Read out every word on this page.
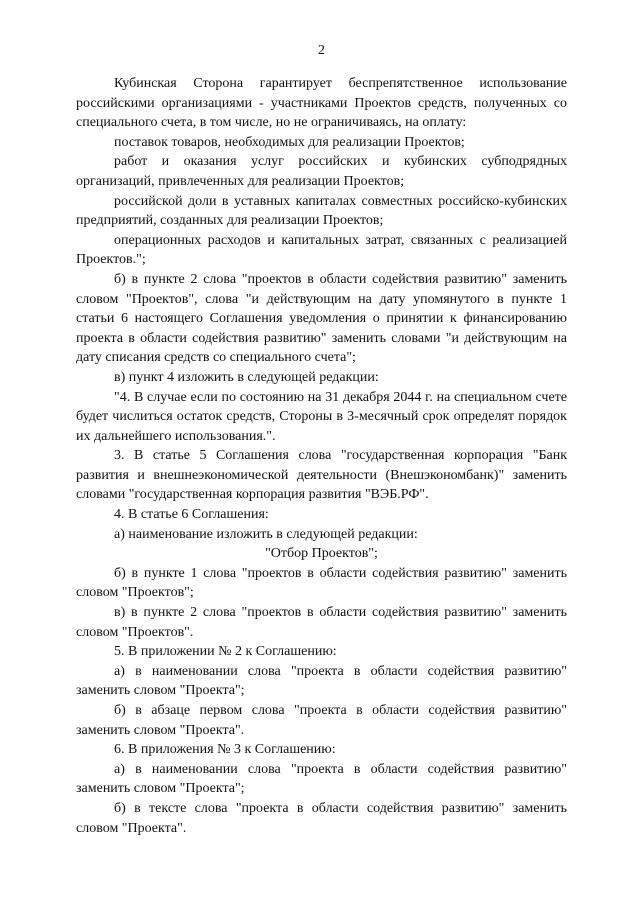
2

Кубинская Сторона гарантирует беспрепятственное использование российскими организациями - участниками Проектов средств, полученных со специального счета, в том числе, но не ограничиваясь, на оплату:

поставок товаров, необходимых для реализации Проектов;

работ и оказания услуг российских и кубинских субподрядных организаций, привлеченных для реализации Проектов;

российской доли в уставных капиталах совместных российско-кубинских предприятий, созданных для реализации Проектов;

операционных расходов и капитальных затрат, связанных с реализацией Проектов.";

б) в пункте 2 слова "проектов в области содействия развитию" заменить словом "Проектов", слова "и действующим на дату упомянутого в пункте 1 статьи 6 настоящего Соглашения уведомления о принятии к финансированию проекта в области содействия развитию" заменить словами "и действующим на дату списания средств со специального счета";

в) пункт 4 изложить в следующей редакции:

"4. В случае если по состоянию на 31 декабря 2044 г. на специальном счете будет числиться остаток средств, Стороны в 3-месячный срок определят порядок их дальнейшего использования.".

3. В статье 5 Соглашения слова "государственная корпорация "Банк развития и внешнеэкономической деятельности (Внешэкономбанк)" заменить словами "государственная корпорация развития "ВЭБ.РФ".

4. В статье 6 Соглашения:

а) наименование изложить в следующей редакции:

"Отбор Проектов";

б) в пункте 1 слова "проектов в области содействия развитию" заменить словом "Проектов";

в) в пункте 2 слова "проектов в области содействия развитию" заменить словом "Проектов".

5. В приложении № 2 к Соглашению:

а) в наименовании слова "проекта в области содействия развитию" заменить словом "Проекта";

б) в абзаце первом слова "проекта в области содействия развитию" заменить словом "Проекта".

6. В приложения № 3 к Соглашению:

а) в наименовании слова "проекта в области содействия развитию" заменить словом "Проекта";

б) в тексте слова "проекта в области содействия развитию" заменить словом "Проекта".
